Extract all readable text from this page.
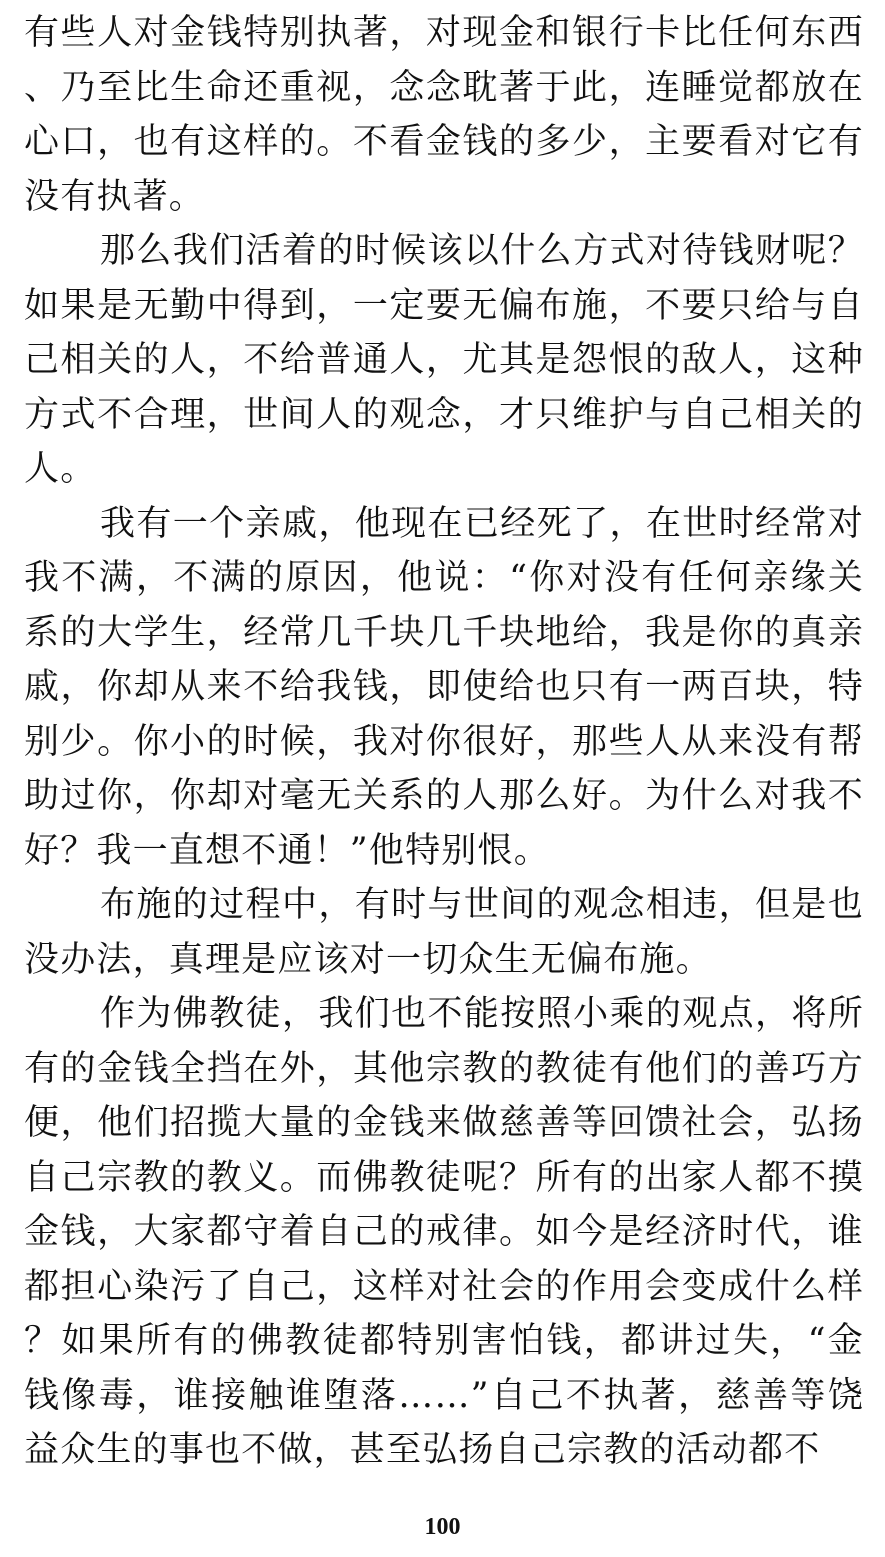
有些人对金钱特别执著，对现金和银行卡比任何东西、乃至比生命还重视，念念耽著于此，连睡觉都放在心口，也有这样的。不看金钱的多少，主要看对它有没有执著。

那么我们活着的时候该以什么方式对待钱财呢？如果是无勤中得到，一定要无偏布施，不要只给与自己相关的人，不给普通人，尤其是怨恨的敌人，这种方式不合理，世间人的观念，才只维护与自己相关的人。

我有一个亲戚，他现在已经死了，在世时经常对我不满，不满的原因，他说：“你对没有任何亲缘关系的大学生，经常几千块几千块地给，我是你的真亲戚，你却从来不给我钱，即使给也只有一两百块，特别少。你小的时候，我对你很好，那些人从来没有帮助过你，你却对毫无关系的人那么好。为什么对我不好？我一直想不通！”他特别恨。

布施的过程中，有时与世间的观念相违，但是也没办法，真理是应该对一切众生无偏布施。

作为佛教徒，我们也不能按照小乘的观点，将所有的金钱全挡在外，其他宗教的教徒有他们的善巧方便，他们招揽大量的金钱来做慈善等回馈社会，弘扬自己宗教的教义。而佛教徒呢？所有的出家人都不摸金钱，大家都守着自己的戒律。如今是经济时代，谁都担心染污了自己，这样对社会的作用会变成什么样？如果所有的佛教徒都特别害怕钱，都讲过失，“金钱像毒，谁接触谁堕落……”自己不执著，慈善等饶益众生的事也不做，甚至弘扬自己宗教的活动都不

100
